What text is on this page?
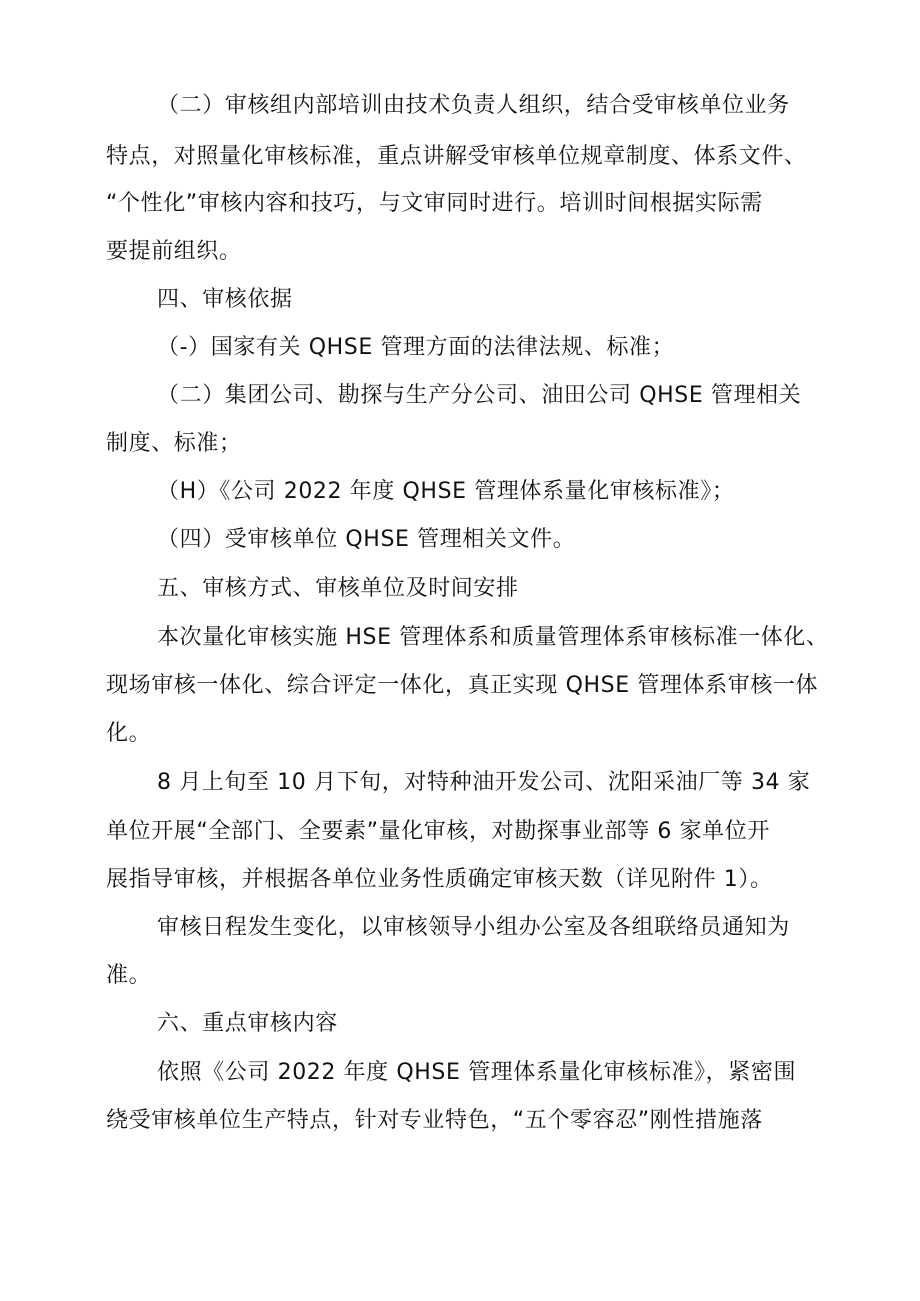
（二）审核组内部培训由技术负责人组织，结合受审核单位业务
特点，对照量化审核标准，重点讲解受审核单位规章制度、体系文件、
“个性化”审核内容和技巧，与文审同时进行。培训时间根据实际需
要提前组织。
四、审核依据
（-）国家有关 QHSE 管理方面的法律法规、标准；
（二）集团公司、勘探与生产分公司、油田公司 QHSE 管理相关
制度、标准；
（H）《公司 2022 年度 QHSE 管理体系量化审核标准》；
（四）受审核单位 QHSE 管理相关文件。
五、审核方式、审核单位及时间安排
本次量化审核实施 HSE 管理体系和质量管理体系审核标准一体化、
现场审核一体化、综合评定一体化，真正实现 QHSE 管理体系审核一体
化。
8 月上旬至 10 月下旬，对特种油开发公司、沈阳采油厂等 34 家
单位开展“全部门、全要素”量化审核，对勘探事业部等 6 家单位开
展指导审核，并根据各单位业务性质确定审核天数（详见附件 1）。
审核日程发生变化，以审核领导小组办公室及各组联络员通知为
准。
六、重点审核内容
依照《公司 2022 年度 QHSE 管理体系量化审核标准》，紧密围
绕受审核单位生产特点，针对专业特色，“五个零容忍”刚性措施落
